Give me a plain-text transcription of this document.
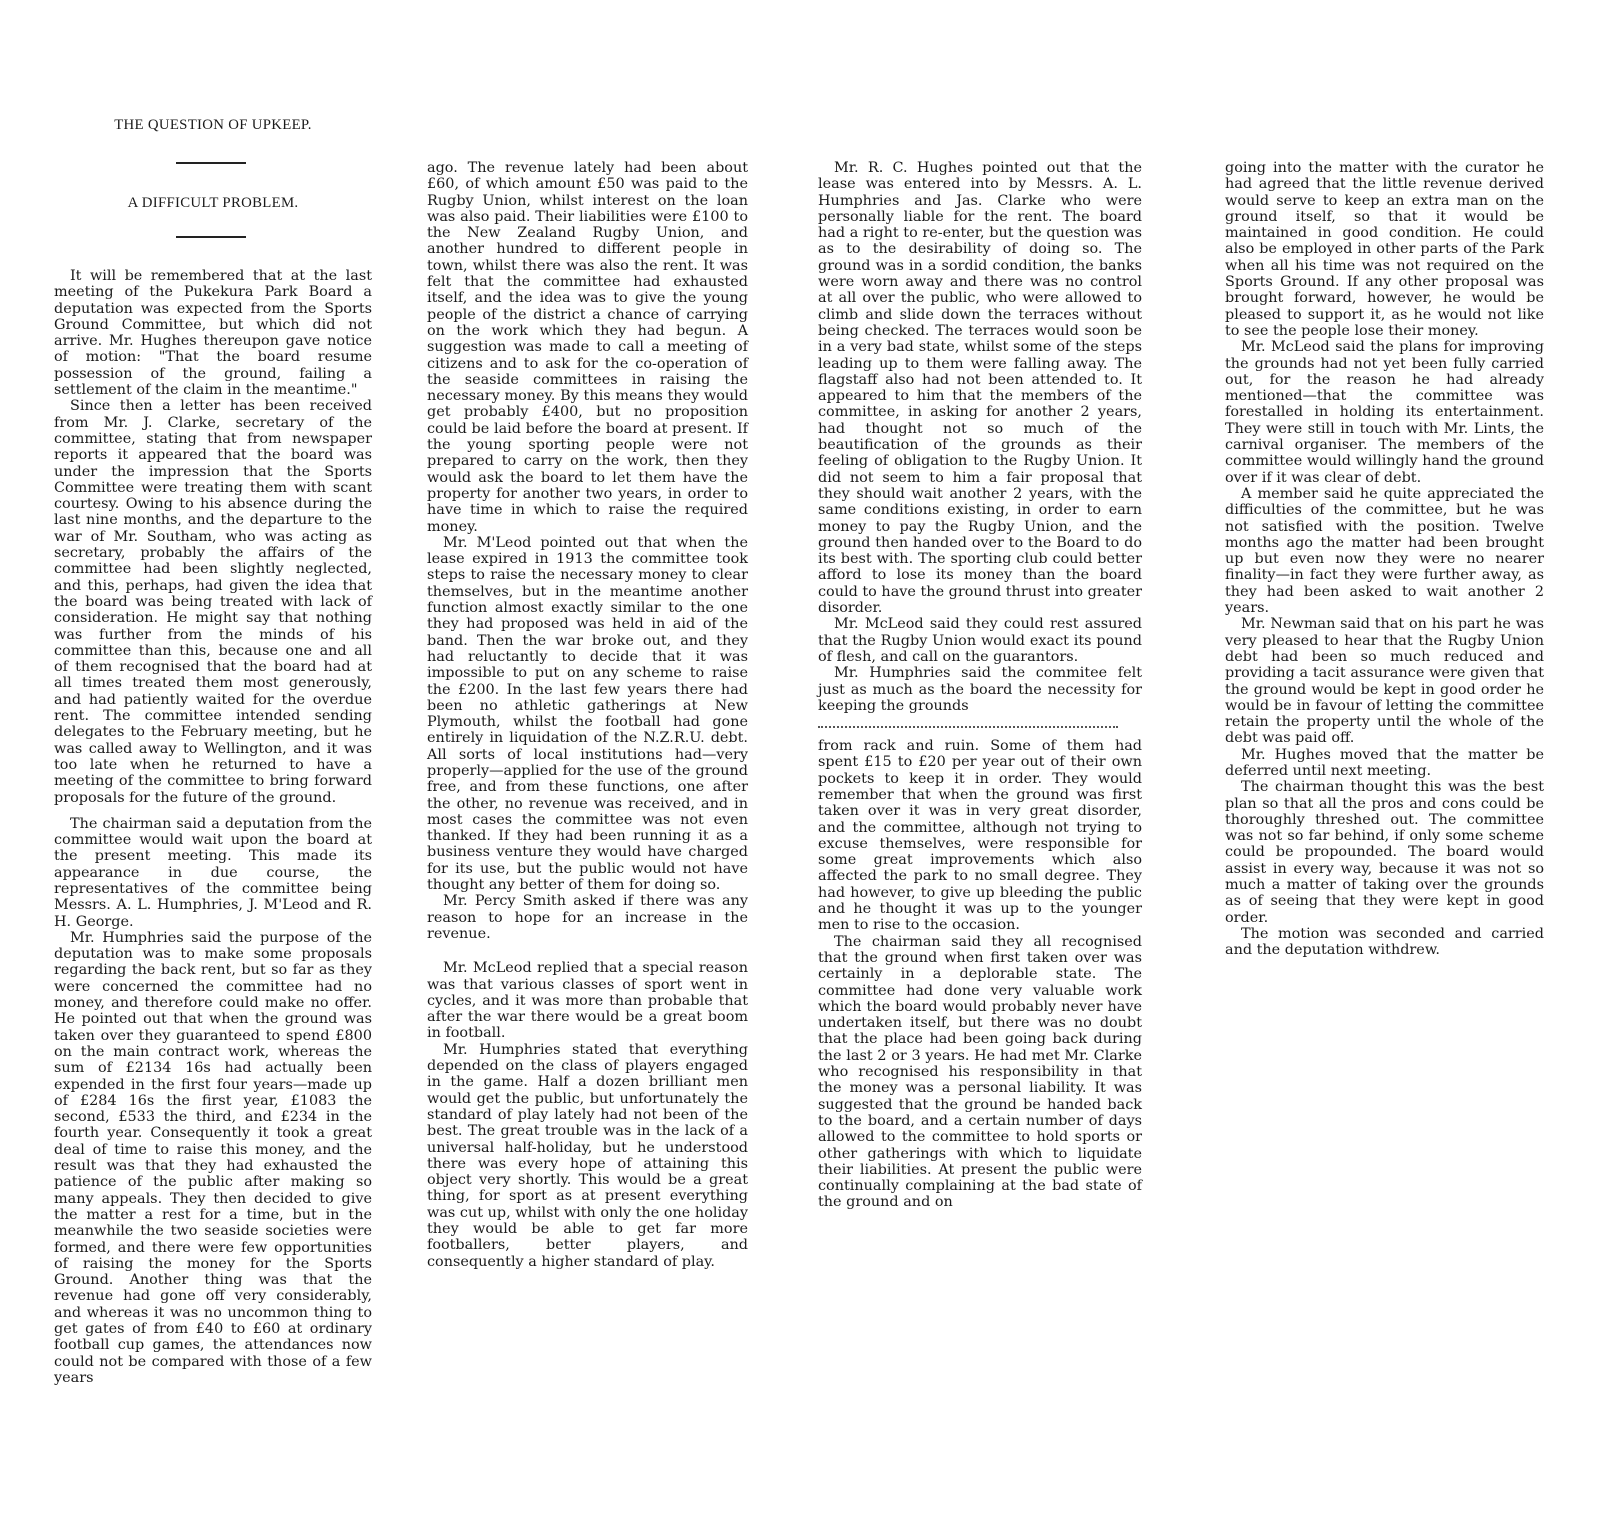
THE QUESTION OF UPKEEP.
A DIFFICULT PROBLEM.

It will be remembered that at the last meeting of the Pukekura Park Board a deputation was expected from the Sports Ground Committee, but which did not arrive. Mr. Hughes thereupon gave notice of motion: "That the board resume possession of the ground, failing a settlement of the claim in the meantime."

Since then a letter has been received from Mr. J. Clarke, secretary of the committee, stating that from newspaper reports it appeared that the board was under the impression that the Sports Committee were treating them with scant courtesy. Owing to his absence during the last nine months, and the departure to the war of Mr. Southam, who was acting as secretary, probably the affairs of the committee had been slightly neglected, and this, perhaps, had given the idea that the board was being treated with lack of consideration. He might say that nothing was further from the minds of his committee than this, because one and all of them recognised that the board had at all times treated them most generously, and had patiently waited for the overdue rent. The committee intended sending delegates to the February meeting, but he was called away to Wellington, and it was too late when he returned to have a meeting of the committee to bring forward proposals for the future of the ground.

The chairman said a deputation from the committee would wait upon the board at the present meeting. This made its appearance in due course, the representatives of the committee being Messrs. A. L. Humphries, J. M'Leod and R. H. George.

Mr. Humphries said the purpose of the deputation was to make some proposals regarding the back rent, but so far as they were concerned the committee had no money, and therefore could make no offer. He pointed out that when the ground was taken over they guaranteed to spend £800 on the main contract work, whereas the sum of £2134 16s had actually been expended in the first four years—made up of £284 16s the first year, £1083 the second, £533 the third, and £234 in the fourth year. Consequently it took a great deal of time to raise this money, and the result was that they had exhausted the patience of the public after making so many appeals. They then decided to give the matter a rest for a time, but in the meanwhile the two seaside societies were formed, and there were few opportunities of raising the money for the Sports Ground. Another thing was that the revenue had gone off very considerably, and whereas it was no uncommon thing to get gates of from £40 to £60 at ordinary football cup games, the attendances now could not be compared with those of a few years

ago. The revenue lately had been about £60, of which amount £50 was paid to the Rugby Union, whilst interest on the loan was also paid. Their liabilities were £100 to the New Zealand Rugby Union, and another hundred to different people in town, whilst there was also the rent. It was felt that the committee had exhausted itself, and the idea was to give the young people of the district a chance of carrying on the work which they had begun. A suggestion was made to call a meeting of citizens and to ask for the co-operation of the seaside committees in raising the necessary money. By this means they would get probably £400, but no proposition could be laid before the board at present. If the young sporting people were not prepared to carry on the work, then they would ask the board to let them have the property for another two years, in order to have time in which to raise the required money.

Mr. M'Leod pointed out that when the lease expired in 1913 the committee took steps to raise the necessary money to clear themselves, but in the meantime another function almost exactly similar to the one they had proposed was held in aid of the band. Then the war broke out, and they had reluctantly to decide that it was impossible to put on any scheme to raise the £200. In the last few years there had been no athletic gatherings at New Plymouth, whilst the football had gone entirely in liquidation of the N.Z.R.U. debt. All sorts of local institutions had—very properly—applied for the use of the ground free, and from these functions, one after the other, no revenue was received, and in most cases the committee was not even thanked. If they had been running it as a business venture they would have charged for its use, but the public would not have thought any better of them for doing so.

Mr. Percy Smith asked if there was any reason to hope for an increase in the revenue.

Mr. McLeod replied that a special reason was that various classes of sport went in cycles, and it was more than probable that after the war there would be a great boom in football.

Mr. Humphries stated that everything depended on the class of players engaged in the game. Half a dozen brilliant men would get the public, but unfortunately the standard of play lately had not been of the best. The great trouble was in the lack of a universal half-holiday, but he understood there was every hope of attaining this object very shortly. This would be a great thing, for sport as at present everything was cut up, whilst with only the one holiday they would be able to get far more footballers, better players, and consequently a higher standard of play.

Mr. R. C. Hughes pointed out that the lease was entered into by Messrs. A. L. Humphries and Jas. Clarke who were personally liable for the rent. The board had a right to re-enter, but the question was as to the desirability of doing so. The ground was in a sordid condition, the banks were worn away and there was no control at all over the public, who were allowed to climb and slide down the terraces without being checked. The terraces would soon be in a very bad state, whilst some of the steps leading up to them were falling away. The flagstaff also had not been attended to. It appeared to him that the members of the committee, in asking for another 2 years, had thought not so much of the beautification of the grounds as their feeling of obligation to the Rugby Union. It did not seem to him a fair proposal that they should wait another 2 years, with the same conditions existing, in order to earn money to pay the Rugby Union, and the ground then handed over to the Board to do its best with. The sporting club could better afford to lose its money than the board could to have the ground thrust into greater disorder.

Mr. McLeod said they could rest assured that the Rugby Union would exact its pound of flesh, and call on the guarantors.

Mr. Humphries said the commitee felt just as much as the board the necessity for keeping the grounds

from rack and ruin. Some of them had spent £15 to £20 per year out of their own pockets to keep it in order. They would remember that when the ground was first taken over it was in very great disorder, and the committee, although not trying to excuse themselves, were responsible for some great improvements which also affected the park to no small degree. They had however, to give up bleeding the public and he thought it was up to the younger men to rise to the occasion.

The chairman said they all recognised that the ground when first taken over was certainly in a deplorable state. The committee had done very valuable work which the board would probably never have undertaken itself, but there was no doubt that the place had been going back during the last 2 or 3 years. He had met Mr. Clarke who recognised his responsibility in that the money was a personal liability. It was suggested that the ground be handed back to the board, and a certain number of days allowed to the committee to hold sports or other gatherings with which to liquidate their liabilities. At present the public were continually complaining at the bad state of the ground and on

going into the matter with the curator he had agreed that the little revenue derived would serve to keep an extra man on the ground itself, so that it would be maintained in good condition. He could also be employed in other parts of the Park when all his time was not required on the Sports Ground. If any other proposal was brought forward, however, he would be pleased to support it, as he would not like to see the people lose their money.

Mr. McLeod said the plans for improving the grounds had not yet been fully carried out, for the reason he had already mentioned—that the committee was forestalled in holding its entertainment. They were still in touch with Mr. Lints, the carnival organiser. The members of the committee would willingly hand the ground over if it was clear of debt.

A member said he quite appreciated the difficulties of the committee, but he was not satisfied with the position. Twelve months ago the matter had been brought up but even now they were no nearer finality—in fact they were further away, as they had been asked to wait another 2 years.

Mr. Newman said that on his part he was very pleased to hear that the Rugby Union debt had been so much reduced and providing a tacit assurance were given that the ground would be kept in good order he would be in favour of letting the committee retain the property until the whole of the debt was paid off.

Mr. Hughes moved that the matter be deferred until next meeting.

The chairman thought this was the best plan so that all the pros and cons could be thoroughly threshed out. The committee was not so far behind, if only some scheme could be propounded. The board would assist in every way, because it was not so much a matter of taking over the grounds as of seeing that they were kept in good order.

The motion was seconded and carried and the deputation withdrew.
